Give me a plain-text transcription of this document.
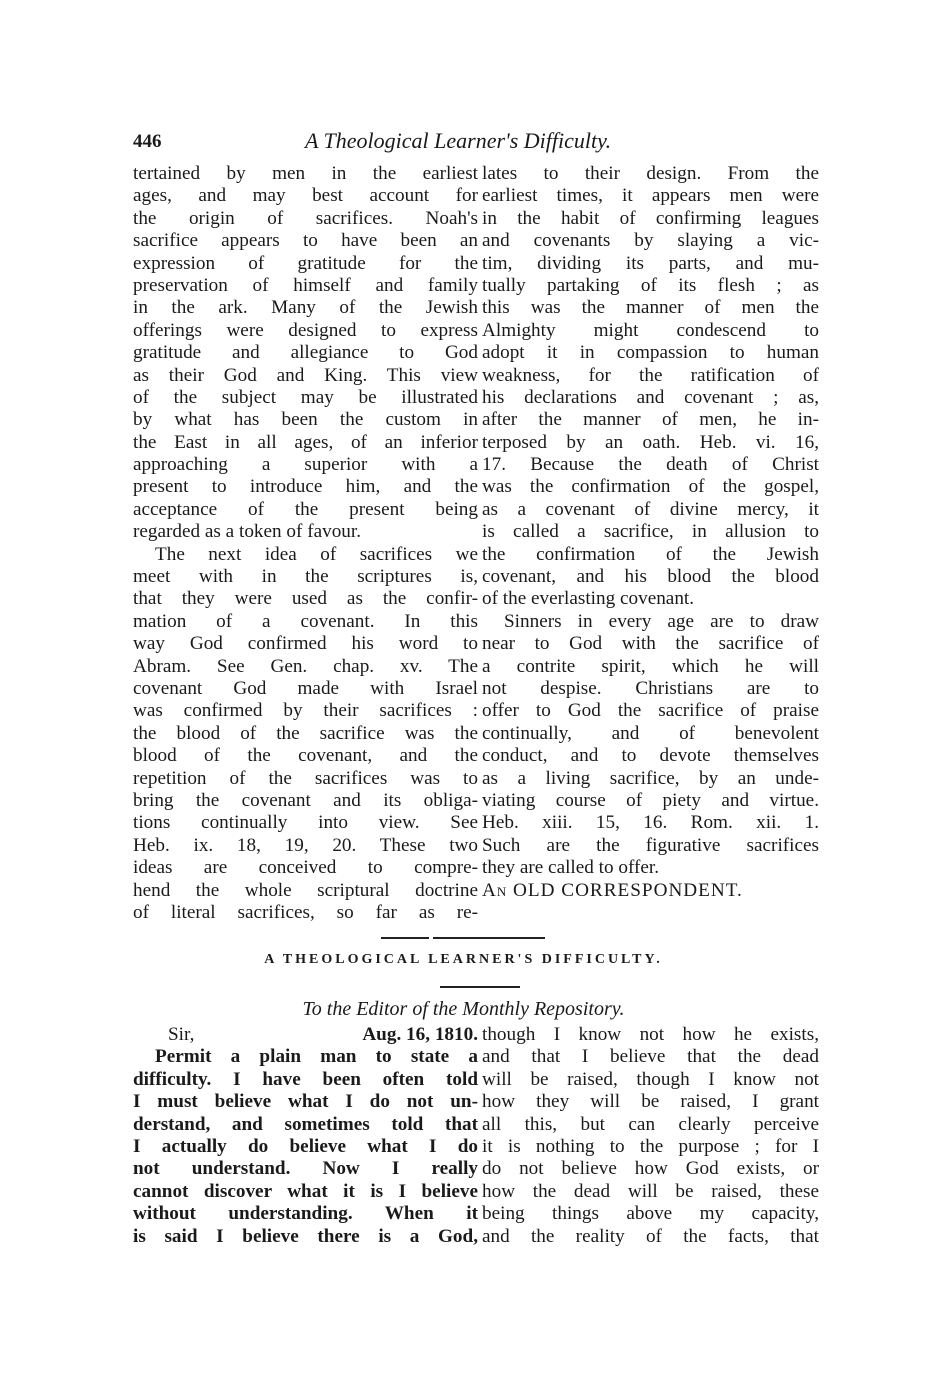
446	A Theological Learner's Difficulty.
tertained by men in the earliest
ages, and may best account for
the origin of sacrifices. Noah's
sacrifice appears to have been an
expression of gratitude for the
preservation of himself and family
in the ark. Many of the Jewish
offerings were designed to express
gratitude and allegiance to God
as their God and King. This view
of the subject may be illustrated
by what has been the custom in
the East in all ages, of an inferior
approaching a superior with a
present to introduce him, and the
acceptance of the present being
regarded as a token of favour.
The next idea of sacrifices we
meet with in the scriptures is,
that they were used as the confir-
mation of a covenant. In this
way God confirmed his word to
Abram. See Gen. chap. xv. The
covenant God made with Israel
was confirmed by their sacrifices :
the blood of the sacrifice was the
blood of the covenant, and the
repetition of the sacrifices was to
bring the covenant and its obliga-
tions continually into view. See
Heb. ix. 18, 19, 20. These two
ideas are conceived to compre-
hend the whole scriptural doctrine
of literal sacrifices, so far as re-
lates to their design. From the
earliest times, it appears men were
in the habit of confirming leagues
and covenants by slaying a vic-
tim, dividing its parts, and mu-
tually partaking of its flesh ; as
this was the manner of men the
Almighty might condescend to
adopt it in compassion to human
weakness, for the ratification of
his declarations and covenant ; as,
after the manner of men, he in-
terposed by an oath. Heb. vi. 16,
17. Because the death of Christ
was the confirmation of the gospel,
as a covenant of divine mercy, it
is called a sacrifice, in allusion to
the confirmation of the Jewish
covenant, and his blood the blood
of the everlasting covenant.
Sinners in every age are to draw
near to God with the sacrifice of
a contrite spirit, which he will
not despise. Christians are to
offer to God the sacrifice of praise
continually, and of benevolent
conduct, and to devote themselves
as a living sacrifice, by an unde-
viating course of piety and virtue.
Heb. xiii. 15, 16. Rom. xii. 1.
Such are the figurative sacrifices
they are called to offer.
An OLD CORRESPONDENT.
A THEOLOGICAL LEARNER'S DIFFICULTY.
To the Editor of the Monthly Repository.
Sir,	Aug. 16, 1810.
Permit a plain man to state a
difficulty. I have been often told
I must believe what I do not un-
derstand, and sometimes told that
I actually do believe what I do
not understand. Now I really
cannot discover what it is I believe
without understanding. When it
is said I believe there is a God,
though I know not how he exists,
and that I believe that the dead
will be raised, though I know not
how they will be raised, I grant
all this, but can clearly perceive
it is nothing to the purpose ; for I
do not believe how God exists, or
how the dead will be raised, these
being things above my capacity,
and the reality of the facts, that
